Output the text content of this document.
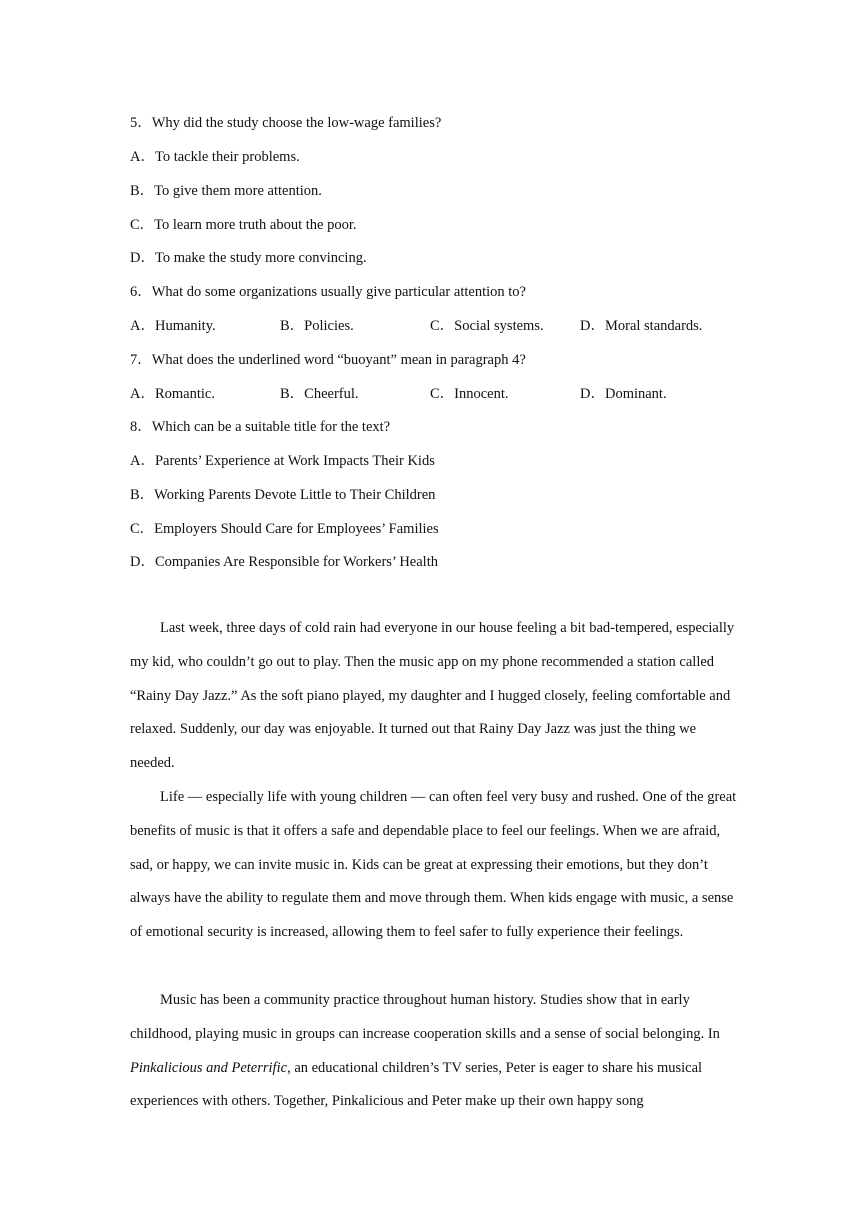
5．Why did the study choose the low-wage families?
A．To tackle their problems.
B．To give them more attention.
C．To learn more truth about the poor.
D．To make the study more convincing.
6．What do some organizations usually give particular attention to?
A．Humanity.	B．Policies.	C．Social systems.	D．Moral standards.
7．What does the underlined word “buoyant” mean in paragraph 4?
A．Romantic.	B．Cheerful.	C．Innocent.	D．Dominant.
8．Which can be a suitable title for the text?
A．Parents’ Experience at Work Impacts Their Kids
B．Working Parents Devote Little to Their Children
C．Employers Should Care for Employees’ Families
D．Companies Are Responsible for Workers’ Health

Last week, three days of cold rain had everyone in our house feeling a bit bad-tempered, especially my kid, who couldn’t go out to play. Then the music app on my phone recommended a station called “Rainy Day Jazz.” As the soft piano played, my daughter and I hugged closely, feeling comfortable and relaxed. Suddenly, our day was enjoyable. It turned out that Rainy Day Jazz was just the thing we needed.

Life — especially life with young children — can often feel very busy and rushed. One of the great benefits of music is that it offers a safe and dependable place to feel our feelings. When we are afraid, sad, or happy, we can invite music in. Kids can be great at expressing their emotions, but they don’t always have the ability to regulate them and move through them. When kids engage with music, a sense of emotional security is increased, allowing them to feel safer to fully experience their feelings.

Music has been a community practice throughout human history. Studies show that in early childhood, playing music in groups can increase cooperation skills and a sense of social belonging. In Pinkalicious and Peterrific, an educational children’s TV series, Peter is eager to share his musical experiences with others. Together, Pinkalicious and Peter make up their own happy song
